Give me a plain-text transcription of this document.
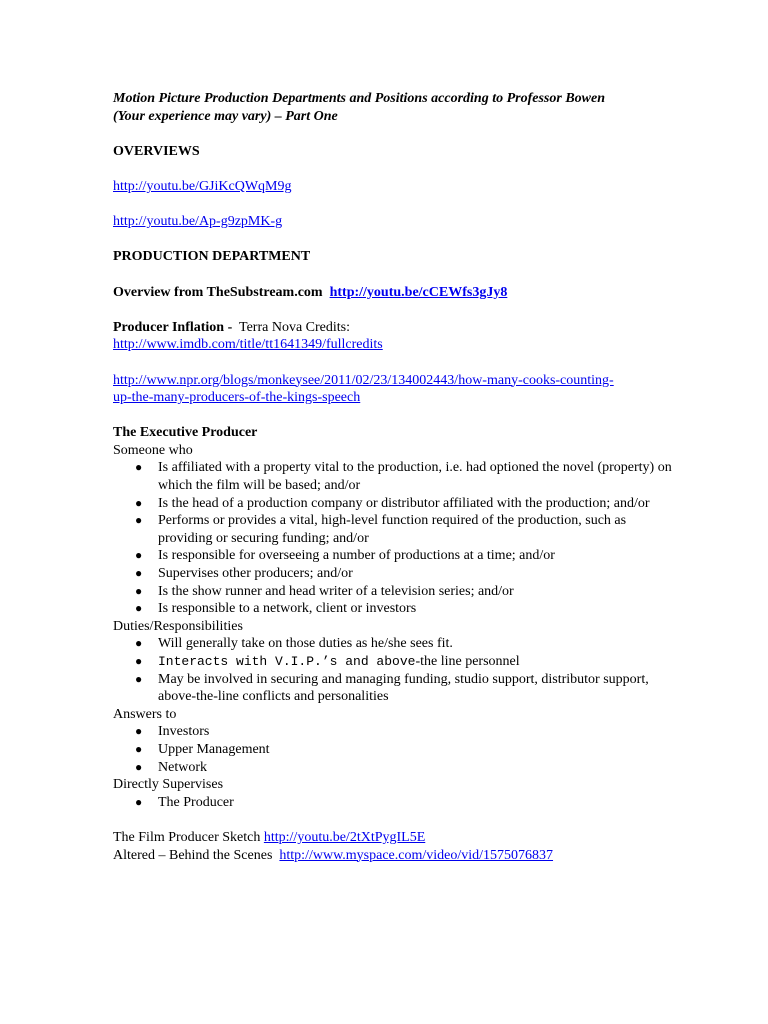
Motion Picture Production Departments and Positions according to Professor Bowen
(Your experience may vary) – Part One

OVERVIEWS

http://youtu.be/GJiKcQWqM9g

http://youtu.be/Ap-g9zpMK-g

PRODUCTION DEPARTMENT

Overview from TheSubstream.com http://youtu.be/cCEWfs3gJy8

Producer Inflation - Terra Nova Credits:

http://www.imdb.com/title/tt1641349/fullcredits

http://www.npr.org/blogs/monkeysee/2011/02/23/134002443/how-many-cooks-counting-
up-the-many-producers-of-the-kings-speech

The Executive Producer

Someone who

● Is affiliated with a property vital to the production, i.e. had optioned the novel (property) on which the film will be based; and/or
● Is the head of a production company or distributor affiliated with the production; and/or
● Performs or provides a vital, high-level function required of the production, such as providing or securing funding; and/or
● Is responsible for overseeing a number of productions at a time; and/or
● Supervises other producers; and/or
● Is the show runner and head writer of a television series; and/or
● Is responsible to a network, client or investors

Duties/Responsibilities

● Will generally take on those duties as he/she sees fit.
● Interacts with V.I.P.’s and above-the line personnel
● May be involved in securing and managing funding, studio support, distributor support, above-the-line conflicts and personalities

Answers to

● Investors
● Upper Management
● Network

Directly Supervises

● The Producer

The Film Producer Sketch http://youtu.be/2tXtPygIL5E

Altered – Behind the Scenes http://www.myspace.com/video/vid/1575076837
